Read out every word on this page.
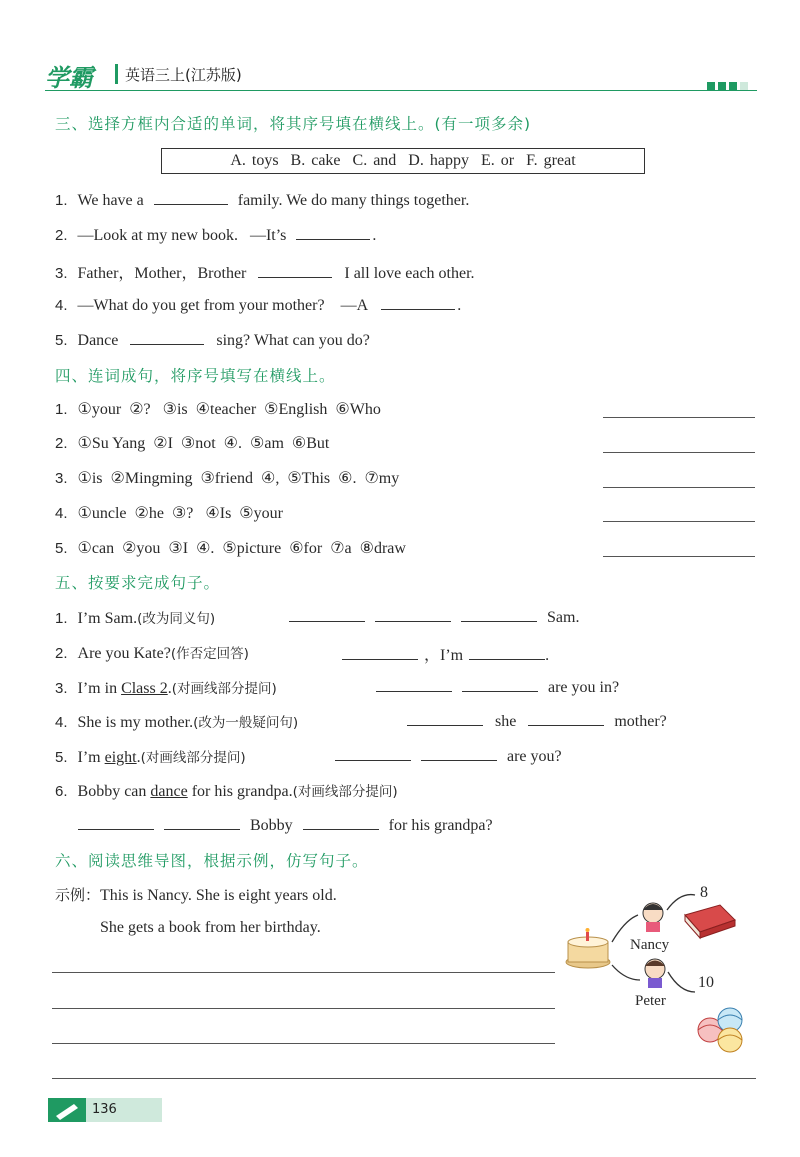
学霸 英语三上(江苏版)
三、选择方框内合适的单词，将其序号填在横线上。(有一项多余)
A. toys  B. cake  C. and  D. happy  E. or  F. great
1. We have a	family. We do many things together.
2. —Look at my new book.   —It’s	.
3. Father，Mother，Brother	I all love each other.
4. —What do you get from your mother?    —A	.
5. Dance	sing? What can you do?
四、连词成句，将序号填写在横线上。
1. ①your  ②?   ③is  ④teacher  ⑤English  ⑥Who
2. ①Su Yang  ②I  ③not  ④.  ⑤am  ⑥But
3. ①is  ②Mingming  ③friend  ④,  ⑤This  ⑥.  ⑦my
4. ①uncle  ②he  ③?   ④Is  ⑤your
5. ①can  ②you  ③I  ④.  ⑤picture  ⑥for  ⑦a  ⑧draw
五、按要求完成句子。
1. I’m Sam.(改为同义句)	Sam.
2. Are you Kate?(作否定回答)	，I’m	.
3. I’m in Class 2.(对画线部分提问)	are you in?
4. She is my mother.(改为一般疑问句)	she	mother?
5. I’m eight.(对画线部分提问)	are you?
6. Bobby can dance for his grandpa.(对画线部分提问)
Bobby	for his grandpa?
六、阅读思维导图，根据示例，仿写句子。
示例：This is Nancy. She is eight years old.
She gets a book from her birthday.
Nancy
8
Peter
10
136
